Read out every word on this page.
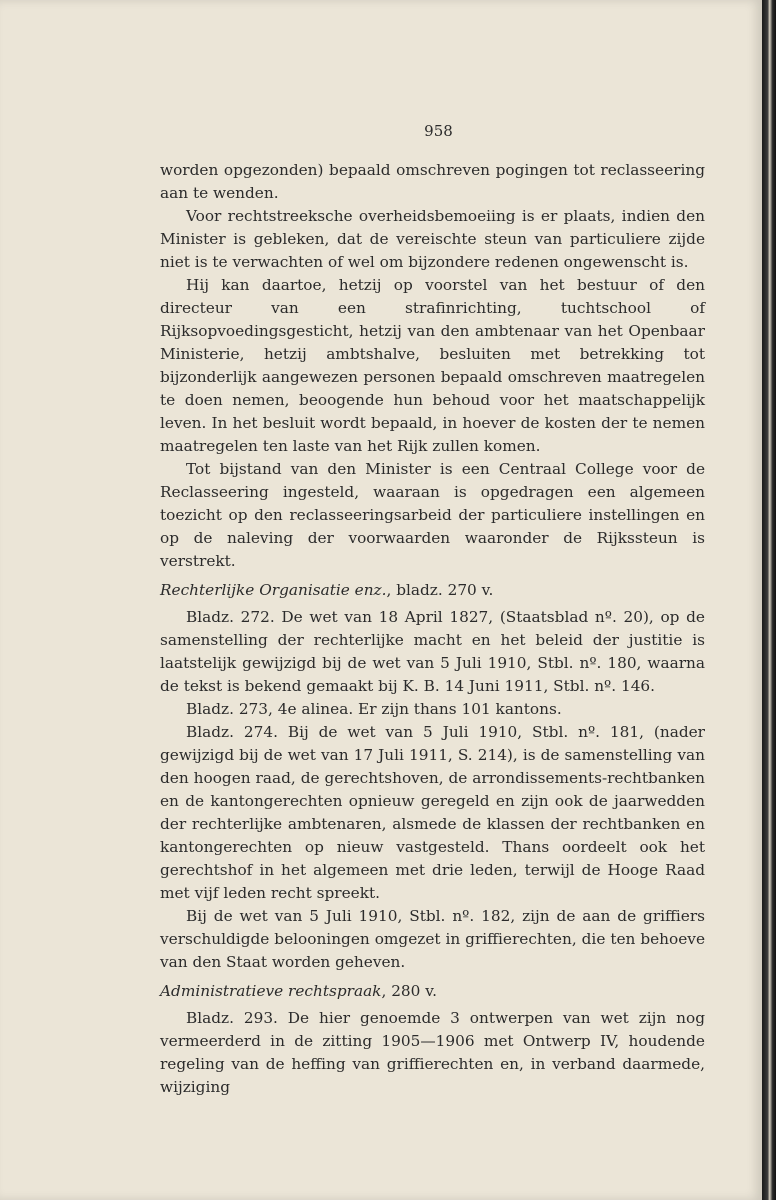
958

worden opgezonden) bepaald omschreven pogingen tot reclasseering aan te wenden.

Voor rechtstreeksche overheidsbemoeiing is er plaats, indien den Minister is gebleken, dat de vereischte steun van particuliere zijde niet is te verwachten of wel om bijzondere redenen ongewenscht is.

Hij kan daartoe, hetzij op voorstel van het bestuur of den directeur van een strafinrichting, tuchtschool of Rijksopvoedingsgesticht, hetzij van den ambtenaar van het Openbaar Ministerie, hetzij ambtshalve, besluiten met betrekking tot bijzonderlijk aangewezen personen bepaald omschreven maatregelen te doen nemen, beoogende hun behoud voor het maatschappelijk leven. In het besluit wordt bepaald, in hoever de kosten der te nemen maatregelen ten laste van het Rijk zullen komen.

Tot bijstand van den Minister is een Centraal College voor de Reclasseering ingesteld, waaraan is opgedragen een algemeen toezicht op den reclasseeringsarbeid der particuliere instellingen en op de naleving der voorwaarden waaronder de Rijkssteun is verstrekt.

Rechterlijke Organisatie enz., bladz. 270 v.

Bladz. 272. De wet van 18 April 1827, (Staatsblad nº. 20), op de samenstelling der rechterlijke macht en het beleid der justitie is laatstelijk gewijzigd bij de wet van 5 Juli 1910, Stbl. nº. 180, waarna de tekst is bekend gemaakt bij K. B. 14 Juni 1911, Stbl. nº. 146.

Bladz. 273, 4e alinea. Er zijn thans 101 kantons.

Bladz. 274. Bij de wet van 5 Juli 1910, Stbl. nº. 181, (nader gewijzigd bij de wet van 17 Juli 1911, S. 214), is de samenstelling van den hoogen raad, de gerechtshoven, de arrondissements-rechtbanken en de kantongerechten opnieuw geregeld en zijn ook de jaarwedden der rechterlijke ambtenaren, alsmede de klassen der rechtbanken en kantongerechten op nieuw vastgesteld. Thans oordeelt ook het gerechtshof in het algemeen met drie leden, terwijl de Hooge Raad met vijf leden recht spreekt.

Bij de wet van 5 Juli 1910, Stbl. nº. 182, zijn de aan de griffiers verschuldigde belooningen omgezet in griffierechten, die ten behoeve van den Staat worden geheven.

Administratieve rechtspraak, 280 v.

Bladz. 293. De hier genoemde 3 ontwerpen van wet zijn nog vermeerderd in de zitting 1905—1906 met Ontwerp IV, houdende regeling van de heffing van griffierechten en, in verband daarmede, wijziging
